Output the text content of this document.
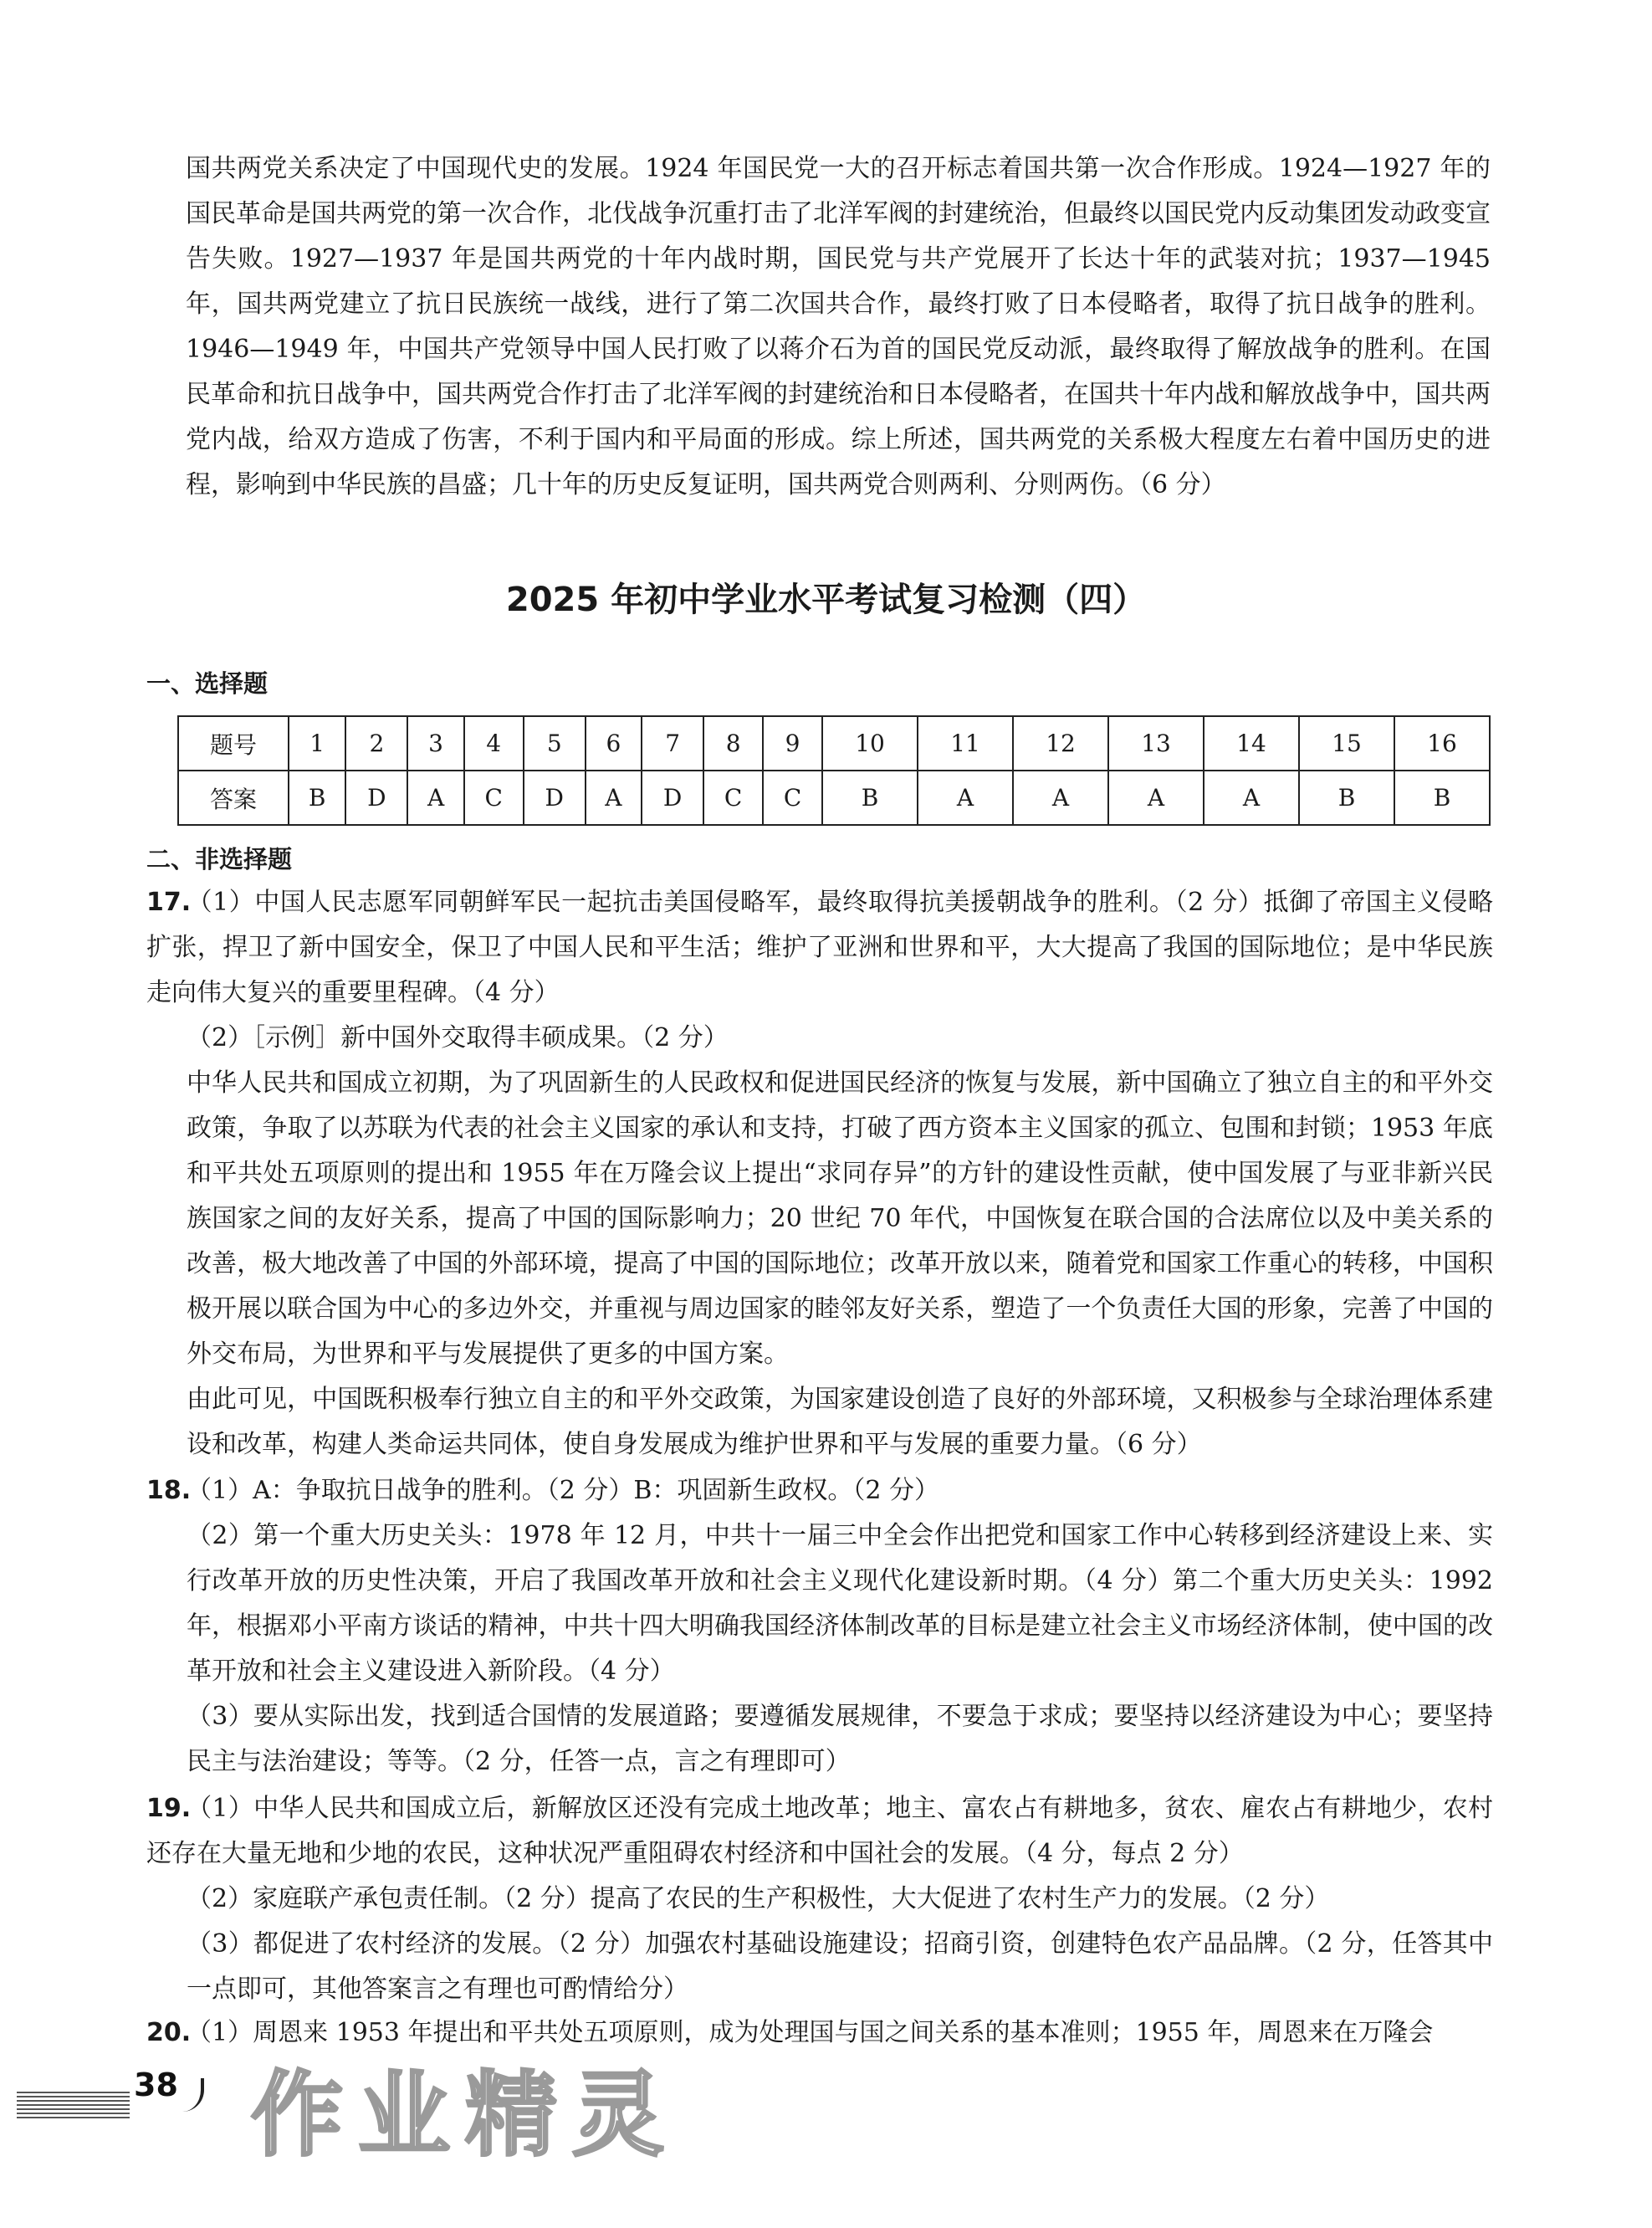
国共两党关系决定了中国现代史的发展。1924 年国民党一大的召开标志着国共第一次合作形成。1924—1927 年的国民革命是国共两党的第一次合作，北伐战争沉重打击了北洋军阀的封建统治，但最终以国民党内反动集团发动政变宣告失败。1927—1937 年是国共两党的十年内战时期，国民党与共产党展开了长达十年的武装对抗；1937—1945 年，国共两党建立了抗日民族统一战线，进行了第二次国共合作，最终打败了日本侵略者，取得了抗日战争的胜利。1946—1949 年，中国共产党领导中国人民打败了以蒋介石为首的国民党反动派，最终取得了解放战争的胜利。在国民革命和抗日战争中，国共两党合作打击了北洋军阀的封建统治和日本侵略者，在国共十年内战和解放战争中，国共两党内战，给双方造成了伤害，不利于国内和平局面的形成。综上所述，国共两党的关系极大程度左右着中国历史的进程，影响到中华民族的昌盛；几十年的历史反复证明，国共两党合则两利、分则两伤。（6 分）

2025 年初中学业水平考试复习检测（四）
一、选择题
题号	1	2	3	4	5	6	7	8	9	10	11	12	13	14	15	16
答案	B	D	A	C	D	A	D	C	C	B	A	A	A	A	B	B
二、非选择题

17.（1）中国人民志愿军同朝鲜军民一起抗击美国侵略军，最终取得抗美援朝战争的胜利。（2 分）抵御了帝国主义侵略扩张，捍卫了新中国安全，保卫了中国人民和平生活；维护了亚洲和世界和平，大大提高了我国的国际地位；是中华民族走向伟大复兴的重要里程碑。（4 分）

（2）［示例］新中国外交取得丰硕成果。（2 分）

中华人民共和国成立初期，为了巩固新生的人民政权和促进国民经济的恢复与发展，新中国确立了独立自主的和平外交政策，争取了以苏联为代表的社会主义国家的承认和支持，打破了西方资本主义国家的孤立、包围和封锁；1953 年底和平共处五项原则的提出和 1955 年在万隆会议上提出“求同存异”的方针的建设性贡献，使中国发展了与亚非新兴民族国家之间的友好关系，提高了中国的国际影响力；20 世纪 70 年代，中国恢复在联合国的合法席位以及中美关系的改善，极大地改善了中国的外部环境，提高了中国的国际地位；改革开放以来，随着党和国家工作重心的转移，中国积极开展以联合国为中心的多边外交，并重视与周边国家的睦邻友好关系，塑造了一个负责任大国的形象，完善了中国的外交布局，为世界和平与发展提供了更多的中国方案。

由此可见，中国既积极奉行独立自主的和平外交政策，为国家建设创造了良好的外部环境，又积极参与全球治理体系建设和改革，构建人类命运共同体，使自身发展成为维护世界和平与发展的重要力量。（6 分）

18.（1）A：争取抗日战争的胜利。（2 分）B：巩固新生政权。（2 分）

（2）第一个重大历史关头：1978 年 12 月，中共十一届三中全会作出把党和国家工作中心转移到经济建设上来、实行改革开放的历史性决策，开启了我国改革开放和社会主义现代化建设新时期。（4 分）第二个重大历史关头：1992 年，根据邓小平南方谈话的精神，中共十四大明确我国经济体制改革的目标是建立社会主义市场经济体制，使中国的改革开放和社会主义建设进入新阶段。（4 分）

（3）要从实际出发，找到适合国情的发展道路；要遵循发展规律，不要急于求成；要坚持以经济建设为中心；要坚持民主与法治建设；等等。（2 分，任答一点，言之有理即可）

19.（1）中华人民共和国成立后，新解放区还没有完成土地改革；地主、富农占有耕地多，贫农、雇农占有耕地少，农村还存在大量无地和少地的农民，这种状况严重阻碍农村经济和中国社会的发展。（4 分，每点 2 分）

（2）家庭联产承包责任制。（2 分）提高了农民的生产积极性，大大促进了农村生产力的发展。（2 分）

（3）都促进了农村经济的发展。（2 分）加强农村基础设施建设；招商引资，创建特色农产品品牌。（2 分，任答其中一点即可，其他答案言之有理也可酌情给分）

20.（1）周恩来 1953 年提出和平共处五项原则，成为处理国与国之间关系的基本准则；1955 年，周恩来在万隆会

38 作业精灵
